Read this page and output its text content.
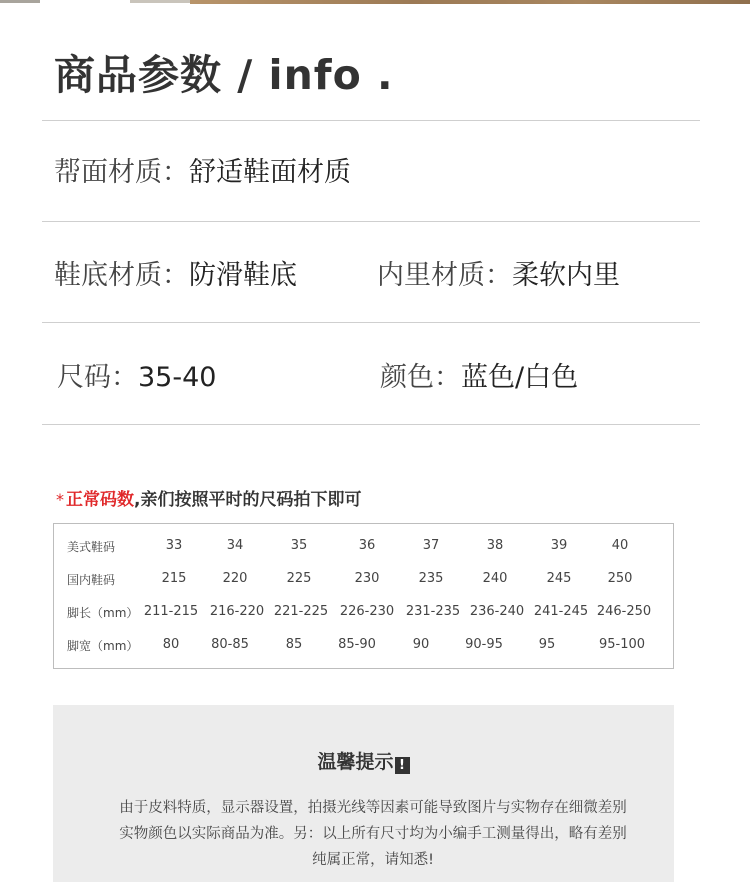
商品参数 / info .
帮面材质：舒适鞋面材质
鞋底材质：防滑鞋底	内里材质：柔软内里
尺码：35-40	颜色：蓝色/白色
* 正常码数,亲们按照平时的尺码拍下即可
美式鞋码	33	34	35	36	37	38	39	40
国内鞋码	215	220	225	230	235	240	245	250
脚长（mm） 211-215 216-220 221-225 226-230 231-235 236-240 241-245 246-250
脚宽（mm） 80 80-85	85	85-90	90	90-95	95	95-100
温馨提示 !
由于皮料特质，显示器设置，拍摄光线等因素可能导致图片与实物存在细微差别
实物颜色以实际商品为准。另：以上所有尺寸均为小编手工测量得出，略有差别
纯属正常，请知悉!
